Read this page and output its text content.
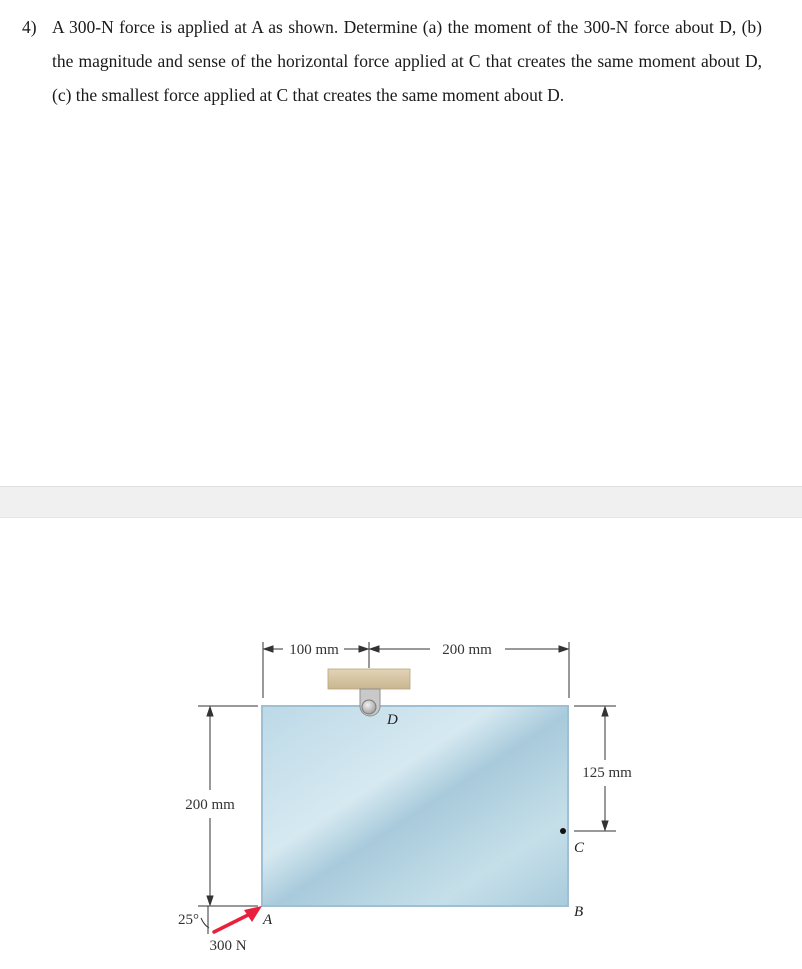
4) A 300-N force is applied at A as shown. Determine (a) the moment of the 300-N force about D, (b) the magnitude and sense of the horizontal force applied at C that creates the same moment about D, (c) the smallest force applied at C that creates the same moment about D.

100 mm	200 mm
200 mm
125 mm
D
C
B
A
25°
300 N
